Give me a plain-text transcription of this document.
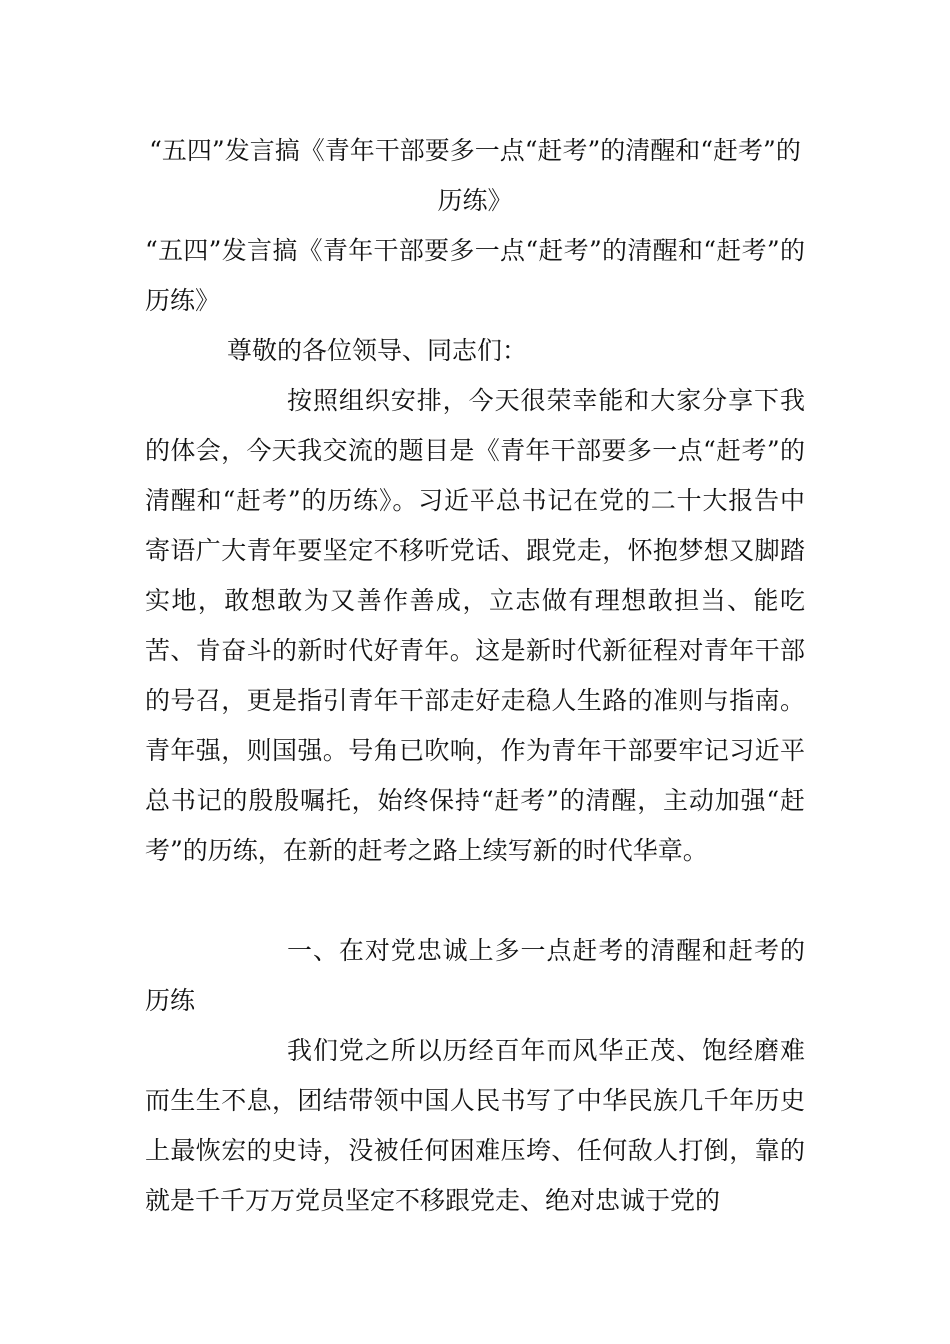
“五四”发言搞《青年干部要多一点“赶考”的清醒和“赶考”的历练》

“五四”发言搞《青年干部要多一点“赶考”的清醒和“赶考”的历练》

尊敬的各位领导、同志们：

按照组织安排，今天很荣幸能和大家分享下我的体会，今天我交流的题目是《青年干部要多一点“赶考”的清醒和“赶考”的历练》。习近平总书记在党的二十大报告中寄语广大青年要坚定不移听党话、跟党走，怀抱梦想又脚踏实地，敢想敢为又善作善成，立志做有理想敢担当、能吃苦、肯奋斗的新时代好青年。这是新时代新征程对青年干部的号召，更是指引青年干部走好走稳人生路的准则与指南。青年强，则国强。号角已吹响，作为青年干部要牢记习近平总书记的殷殷嘱托，始终保持“赶考”的清醒，主动加强“赶考”的历练，在新的赶考之路上续写新的时代华章。

一、在对党忠诚上多一点赶考的清醒和赶考的历练

我们党之所以历经百年而风华正茂、饱经磨难而生生不息，团结带领中国人民书写了中华民族几千年历史上最恢宏的史诗，没被任何困难压垮、任何敌人打倒，靠的就是千千万万党员坚定不移跟党走、绝对忠诚于党的
